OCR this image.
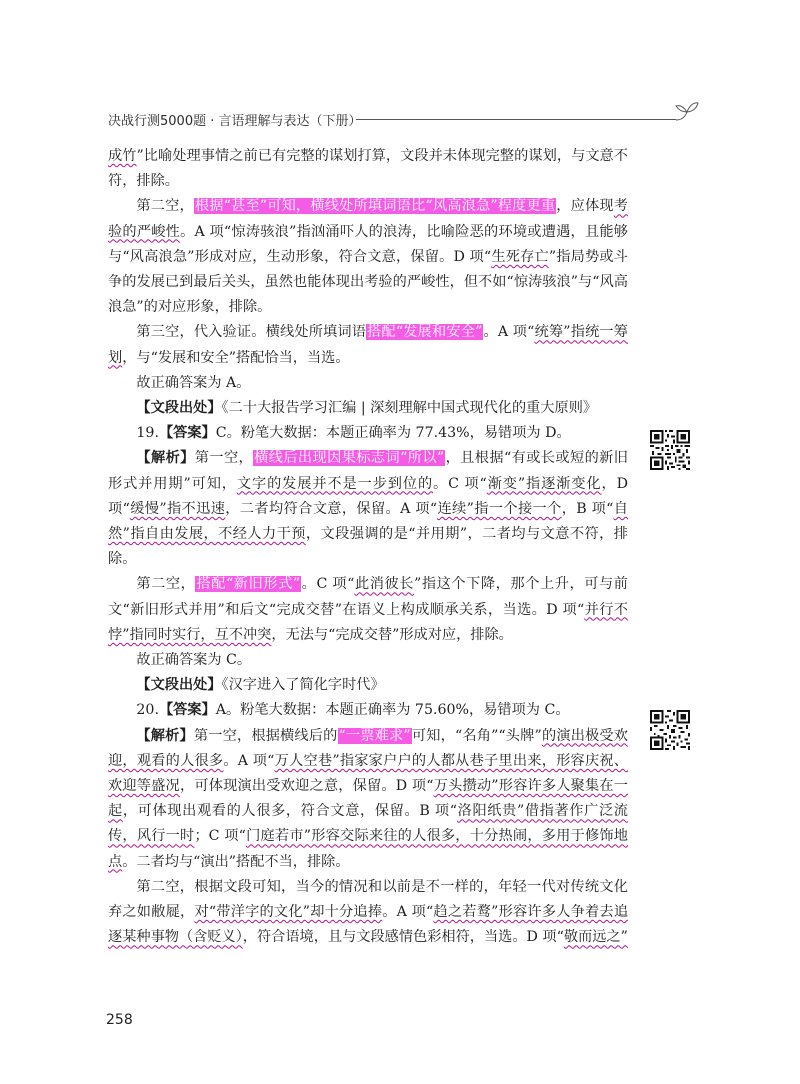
决战行测5000题 · 言语理解与表达（下册）

成竹”比喻处理事情之前已有完整的谋划打算，文段并未体现完整的谋划，与文意不符，排除。

第二空，根据“甚至”可知，横线处所填词语比“风高浪急”程度更重，应体现考验的严峻性。A 项“惊涛骇浪”指汹涌吓人的浪涛，比喻险恶的环境或遭遇，且能够与“风高浪急”形成对应，生动形象，符合文意，保留。D 项“生死存亡”指局势或斗争的发展已到最后关头，虽然也能体现出考验的严峻性，但不如“惊涛骇浪”与“风高浪急”的对应形象，排除。

第三空，代入验证。横线处所填词语搭配“发展和安全”。A 项“统筹”指统一筹划，与“发展和安全”搭配恰当，当选。

故正确答案为 A。

【文段出处】《二十大报告学习汇编 | 深刻理解中国式现代化的重大原则》

19.【答案】C。粉笔大数据：本题正确率为 77.43%，易错项为 D。

【解析】第一空，横线后出现因果标志词“所以”，且根据“有或长或短的新旧形式并用期”可知，文字的发展并不是一步到位的。C 项“渐变”指逐渐变化，D 项“缓慢”指不迅速，二者均符合文意，保留。A 项“连续”指一个接一个，B 项“自然”指自由发展，不经人力干预，文段强调的是“并用期”，二者均与文意不符，排除。

第二空，搭配“新旧形式”。C 项“此消彼长”指这个下降，那个上升，可与前文“新旧形式并用”和后文“完成交替”在语义上构成顺承关系，当选。D 项“并行不悖”指同时实行，互不冲突，无法与“完成交替”形成对应，排除。

故正确答案为 C。

【文段出处】《汉字进入了简化字时代》

20.【答案】A。粉笔大数据：本题正确率为 75.60%，易错项为 C。

【解析】第一空，根据横线后的“一票难求”可知，“名角”“头牌”的演出极受欢迎，观看的人很多。A 项“万人空巷”指家家户户的人都从巷子里出来，形容庆祝、欢迎等盛况，可体现演出受欢迎之意，保留。D 项“万头攒动”形容许多人聚集在一起，可体现出观看的人很多，符合文意，保留。B 项“洛阳纸贵”借指著作广泛流传，风行一时；C 项“门庭若市”形容交际来往的人很多，十分热闹，多用于修饰地点。二者均与“演出”搭配不当，排除。

第二空，根据文段可知，当今的情况和以前是不一样的，年轻一代对传统文化弃之如敝屣，对“带洋字的文化”却十分追捧。A 项“趋之若鹜”形容许多人争着去追逐某种事物（含贬义），符合语境，且与文段感情色彩相符，当选。D 项“敬而远之”

258
